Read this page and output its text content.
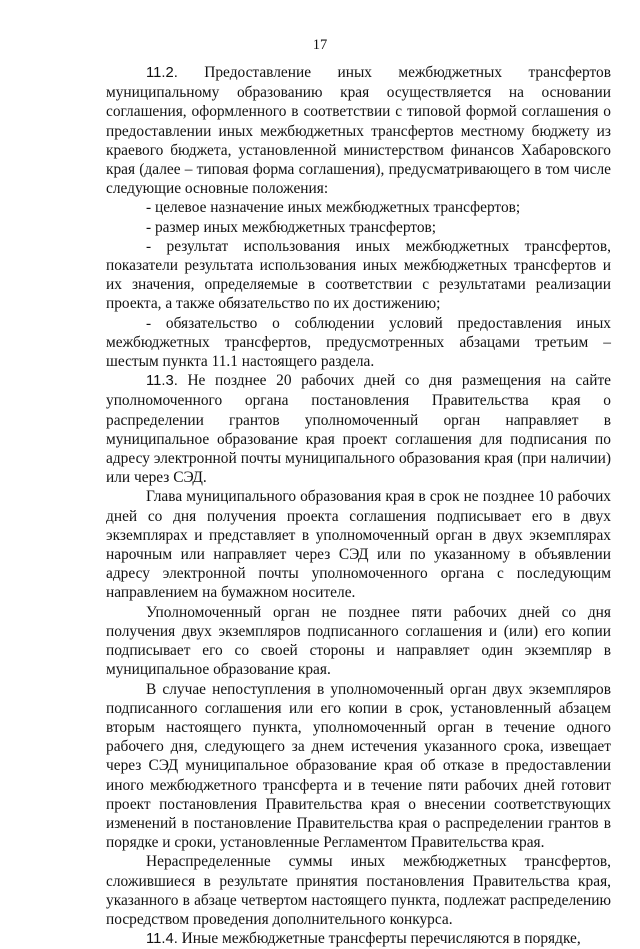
17

11.2. Предоставление иных межбюджетных трансфертов муниципальному образованию края осуществляется на основании соглашения, оформленного в соответствии с типовой формой соглашения о предоставлении иных межбюджетных трансфертов местному бюджету из краевого бюджета, установленной министерством финансов Хабаровского края (далее – типовая форма соглашения), предусматривающего в том числе следующие основные положения:

- целевое назначение иных межбюджетных трансфертов;

- размер иных межбюджетных трансфертов;

- результат использования иных межбюджетных трансфертов, показатели результата использования иных межбюджетных трансфертов и их значения, определяемые в соответствии с результатами реализации проекта, а также обязательство по их достижению;

- обязательство о соблюдении условий предоставления иных межбюджетных трансфертов, предусмотренных абзацами третьим – шестым пункта 11.1 настоящего раздела.

11.3. Не позднее 20 рабочих дней со дня размещения на сайте уполномоченного органа постановления Правительства края о распределении грантов уполномоченный орган направляет в муниципальное образование края проект соглашения для подписания по адресу электронной почты муниципального образования края (при наличии) или через СЭД.

Глава муниципального образования края в срок не позднее 10 рабочих дней со дня получения проекта соглашения подписывает его в двух экземплярах и представляет в уполномоченный орган в двух экземплярах нарочным или направляет через СЭД или по указанному в объявлении адресу электронной почты уполномоченного органа с последующим направлением на бумажном носителе.

Уполномоченный орган не позднее пяти рабочих дней со дня получения двух экземпляров подписанного соглашения и (или) его копии подписывает его со своей стороны и направляет один экземпляр в муниципальное образование края.

В случае непоступления в уполномоченный орган двух экземпляров подписанного соглашения или его копии в срок, установленный абзацем вторым настоящего пункта, уполномоченный орган в течение одного рабочего дня, следующего за днем истечения указанного срока, извещает через СЭД муниципальное образование края об отказе в предоставлении иного межбюджетного трансферта и в течение пяти рабочих дней готовит проект постановления Правительства края о внесении соответствующих изменений в постановление Правительства края о распределении грантов в порядке и сроки, установленные Регламентом Правительства края.

Нераспределенные суммы иных межбюджетных трансфертов, сложившиеся в результате принятия постановления Правительства края, указанного в абзаце четвертом настоящего пункта, подлежат распределению посредством проведения дополнительного конкурса.

11.4. Иные межбюджетные трансферты перечисляются в порядке,
